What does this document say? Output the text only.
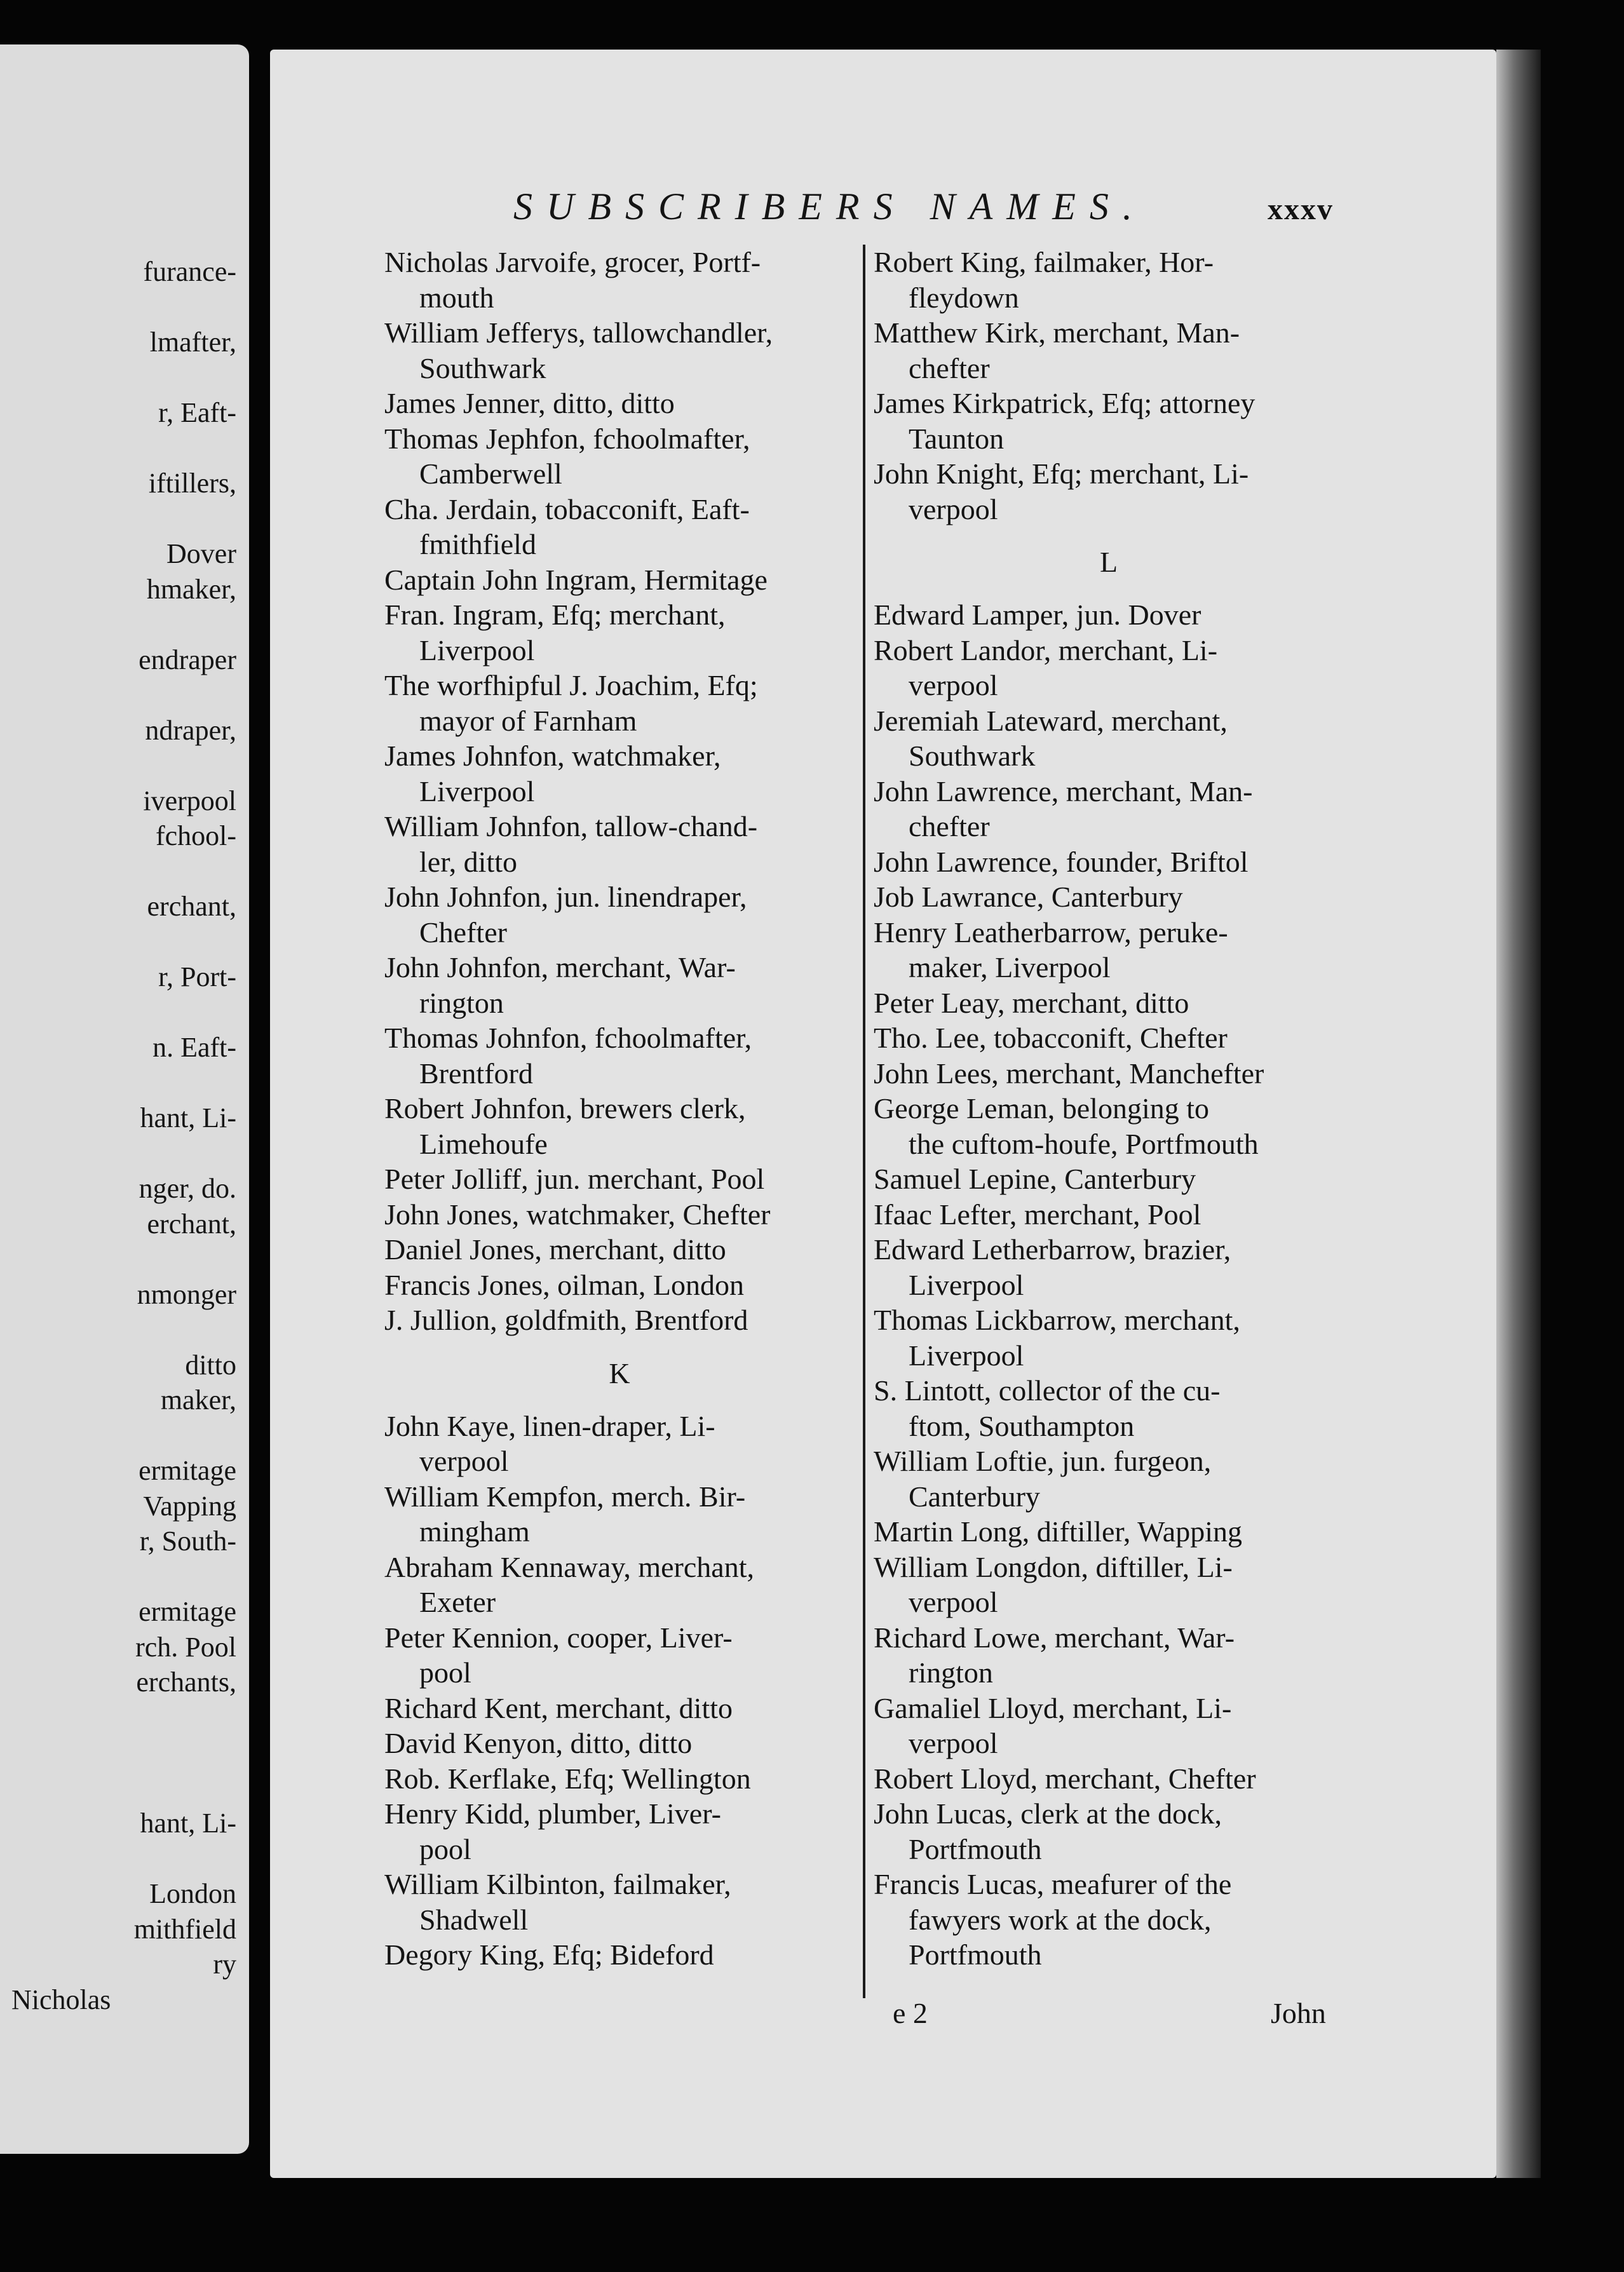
furance-
lmafter,
r, Eaft-
iftillers,
Dover
hmaker,
endraper
ndraper,
iverpool
fchool-
erchant,
r, Port-
n. Eaft-
hant, Li-
nger, do.
erchant,
nmonger
ditto
maker,
ermitage
Vapping
r, South-
ermitage
rch. Pool
erchants,
hant, Li-
London
mithfield
ry
Nicholas
SUBSCRIBERS NAMES.	xxxv
Nicholas Jarvoife, grocer, Portf-
mouth
William Jefferys, tallowchandler,
Southwark
James Jenner, ditto, ditto
Thomas Jephfon, fchoolmafter,
Camberwell
Cha. Jerdain, tobacconift, Eaft-
fmithfield
Captain John Ingram, Hermitage
Fran. Ingram, Efq; merchant,
Liverpool
The worfhipful J. Joachim, Efq;
mayor of Farnham
James Johnfon, watchmaker,
Liverpool
William Johnfon, tallow-chand-
ler, ditto
John Johnfon, jun. linendraper,
Chefter
John Johnfon, merchant, War-
rington
Thomas Johnfon, fchoolmafter,
Brentford
Robert Johnfon, brewers clerk,
Limehoufe
Peter Jolliff, jun. merchant, Pool
John Jones, watchmaker, Chefter
Daniel Jones, merchant, ditto
Francis Jones, oilman, London
J. Jullion, goldfmith, Brentford
K
John Kaye, linen-draper, Li-
verpool
William Kempfon, merch. Bir-
mingham
Abraham Kennaway, merchant,
Exeter
Peter Kennion, cooper, Liver-
pool
Richard Kent, merchant, ditto
David Kenyon, ditto, ditto
Rob. Kerflake, Efq; Wellington
Henry Kidd, plumber, Liver-
pool
William Kilbinton, failmaker,
Shadwell
Degory King, Efq; Bideford
Robert King, failmaker, Hor-
fleydown
Matthew Kirk, merchant, Man-
chefter
James Kirkpatrick, Efq; attorney
Taunton
John Knight, Efq; merchant, Li-
verpool
L
Edward Lamper, jun. Dover
Robert Landor, merchant, Li-
verpool
Jeremiah Lateward, merchant,
Southwark
John Lawrence, merchant, Man-
chefter
John Lawrence, founder, Briftol
Job Lawrance, Canterbury
Henry Leatherbarrow, peruke-
maker, Liverpool
Peter Leay, merchant, ditto
Tho. Lee, tobacconift, Chefter
John Lees, merchant, Manchefter
George Leman, belonging to
the cuftom-houfe, Portfmouth
Samuel Lepine, Canterbury
Ifaac Lefter, merchant, Pool
Edward Letherbarrow, brazier,
Liverpool
Thomas Lickbarrow, merchant,
Liverpool
S. Lintott, collector of the cu-
ftom, Southampton
William Loftie, jun. furgeon,
Canterbury
Martin Long, diftiller, Wapping
William Longdon, diftiller, Li-
verpool
Richard Lowe, merchant, War-
rington
Gamaliel Lloyd, merchant, Li-
verpool
Robert Lloyd, merchant, Chefter
John Lucas, clerk at the dock,
Portfmouth
Francis Lucas, meafurer of the
fawyers work at the dock,
Portfmouth
e 2	John
